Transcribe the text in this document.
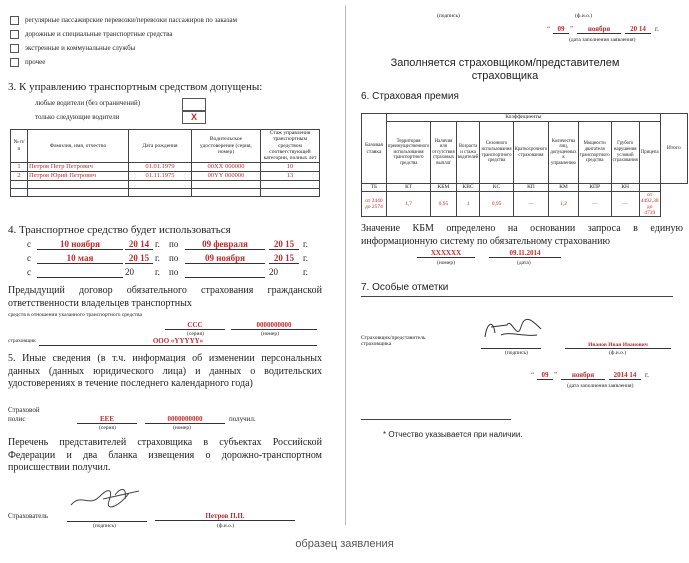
регулярные пассажирские перевозки/перевозки пассажиров по заказам
дорожные и специальные транспортные средства
экстренные и коммунальные службы
прочее
3. К управлению транспортным средством допущены:
любые водители (без ограничений)
только следующие водители	X
№ п/п	Фамилия, имя, отчество	Дата рождения	Водительское удостоверение (серия, номер)	Стаж управления транспортным средством соответствующей категории, полных лет
1	Петров Петр Петрович	01.01.1979	00ХХ 000000	10
2	Петров Юрий Петрович	01.11.1975	00YY 000000	13

4. Транспортное средство будет использоваться
с	10 ноября	20 14 г. по	09 февраля	20 15 г.
с	10 мая	20 15 г. по	09 ноября	20 15 г.
с	20 г. по	20	г.
Предыдущий договор обязательного страхования гражданской ответственности владельцев транспортных
средств в отношении указанного транспортного средства
ССС	0000000000
(серия)	(номер)
страховщик	ООО «YYYYY»
5. Иные сведения (в т.ч. информация об изменении персональных данных (данных юридического лица) и данных о водительских удостоверениях в течение последнего календарного года)
Страховой полис	ЕЕЕ	0000000000	получил.
(серия)	(номер)
Перечень представителей страховщика в субъектах Российской Федерации и два бланка извещения о дорожно-транспортном происшествии получил.
Страхователь	Петров П.П.
(подпись)	(ф.и.о.)
(подпись)	(ф.и.о.)
“	09 ”	ноября	20 14	г.
(дата заполнения заявления)
Заполняется страховщиком/представителем страховщика
6. Страховая премия
Базовая ставка	Коэффициенты									Итого
	Территория преимущественного использования транспортного средства	Наличия или отсутствия страховых выплат	Возраста и стажа водителей	Сезонного использования транспортного средства	Краткосрочного страхования	Количества лиц, допущенных к управлению	Мощности двигателя транспортного средства	Грубого нарушения условий страхования	Прицепа	
ТБ	КТ	КБМ	КВС	КС	КП	КМ	КПР	КН		
от 2440 до 2574	1,7	0,95	1	0,95	—	1,2	—	—	от 4492,38 до 4739	
Значение КБМ определено на основании запроса в единую информационную систему по обязательному страхованию
XXXXXX	09.11.2014
(номер)	(дата)
7. Особые отметки
Страховщик/представитель страховщика	Иванов Иван Иванович
(подпись)	(ф.и.о.)
“	09 ”	ноября	2014 14	г.
(дата заполнения заявления)
* Отчество указывается при наличии.
образец заявления
